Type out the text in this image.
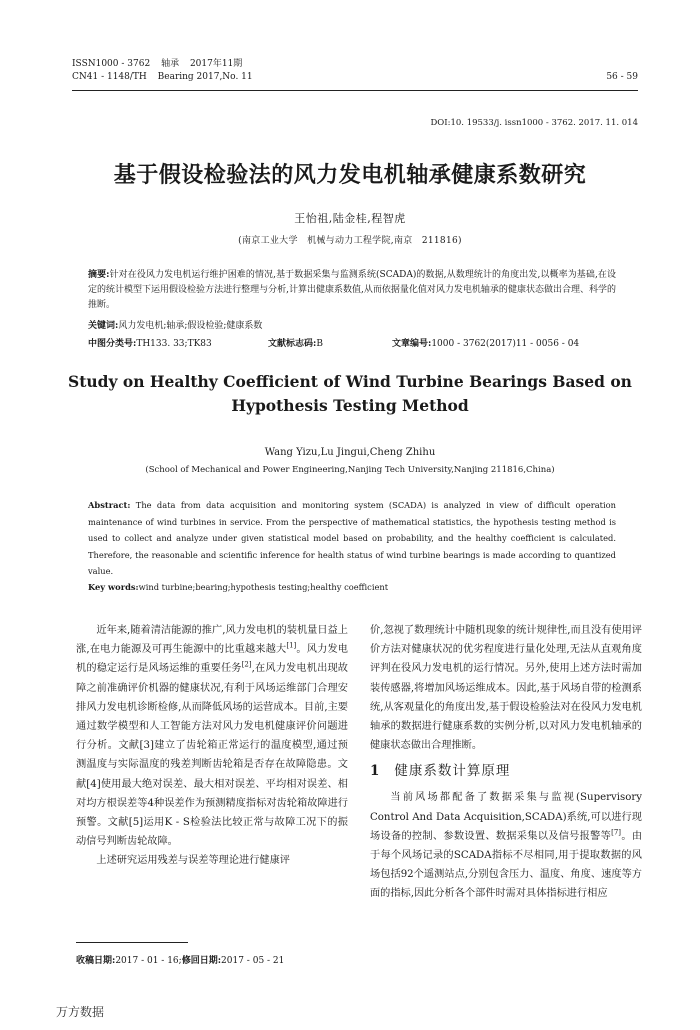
ISSN1000 - 3762 轴承 2017年11期
CN41 - 1148/TH Bearing 2017,No. 11	56 - 59
DOI:10. 19533/j. issn1000 - 3762. 2017. 11. 014
基于假设检验法的风力发电机轴承健康系数研究
王怡祖,陆金桂,程智虎
(南京工业大学　机械与动力工程学院,南京　211816)
摘要:针对在役风力发电机运行维护困难的情况,基于数据采集与监测系统(SCADA)的数据,从数理统计的角度出发,以概率为基础,在设定的统计模型下运用假设检验方法进行整理与分析,计算出健康系数值,从而依据量化值对风力发电机轴承的健康状态做出合理、科学的推断。
关键词:风力发电机;轴承;假设检验;健康系数
中图分类号:TH133. 33;TK83	文献标志码:B	文章编号:1000 - 3762(2017)11 - 0056 - 04
Study on Healthy Coefficient of Wind Turbine Bearings Based on Hypothesis Testing Method
Wang Yizu,Lu Jingui,Cheng Zhihu
(School of Mechanical and Power Engineering,Nanjing Tech University,Nanjing 211816,China)
Abstract: The data from data acquisition and monitoring system (SCADA) is analyzed in view of difficult operation maintenance of wind turbines in service. From the perspective of mathematical statistics, the hypothesis testing method is used to collect and analyze under given statistical model based on probability, and the healthy coefficient is calculated. Therefore, the reasonable and scientific inference for health status of wind turbine bearings is made according to quantized value.
Key words:wind turbine;bearing;hypothesis testing;healthy coefficient

近年来,随着清洁能源的推广,风力发电机的装机量日益上涨,在电力能源及可再生能源中的比重越来越大[1]。风力发电机的稳定运行是风场运维的重要任务[2],在风力发电机出现故障之前准确评价机器的健康状况,有利于风场运维部门合理安排风力发电机诊断检修,从而降低风场的运营成本。目前,主要通过数学模型和人工智能方法对风力发电机健康评价问题进行分析。文献[3]建立了齿轮箱正常运行的温度模型,通过预测温度与实际温度的残差判断齿轮箱是否存在故障隐患。文献[4]使用最大绝对误差、最大相对误差、平均相对误差、相对均方根误差等4种误差作为预测精度指标对齿轮箱故障进行预警。文献[5]运用K - S检验法比较正常与故障工况下的振动信号判断齿轮故障。

上述研究运用残差与误差等理论进行健康评

价,忽视了数理统计中随机现象的统计规律性,而且没有使用评价方法对健康状况的优劣程度进行量化处理,无法从直观角度评判在役风力发电机的运行情况。另外,使用上述方法时需加装传感器,将增加风场运维成本。因此,基于风场自带的检测系统,从客观量化的角度出发,基于假设检验法对在役风力发电机轴承的数据进行健康系数的实例分析,以对风力发电机轴承的健康状态做出合理推断。

1 健康系数计算原理

当前风场都配备了数据采集与监视(Supervisory Control And Data Acquisition,SCADA)系统,可以进行现场设备的控制、参数设置、数据采集以及信号报警等[7]。由于每个风场记录的SCADA指标不尽相同,用于提取数据的风场包括92个遥测站点,分别包含压力、温度、角度、速度等方面的指标,因此分析各个部件时需对具体指标进行相应

收稿日期:2017 - 01 - 16;修回日期:2017 - 05 - 21
万方数据
